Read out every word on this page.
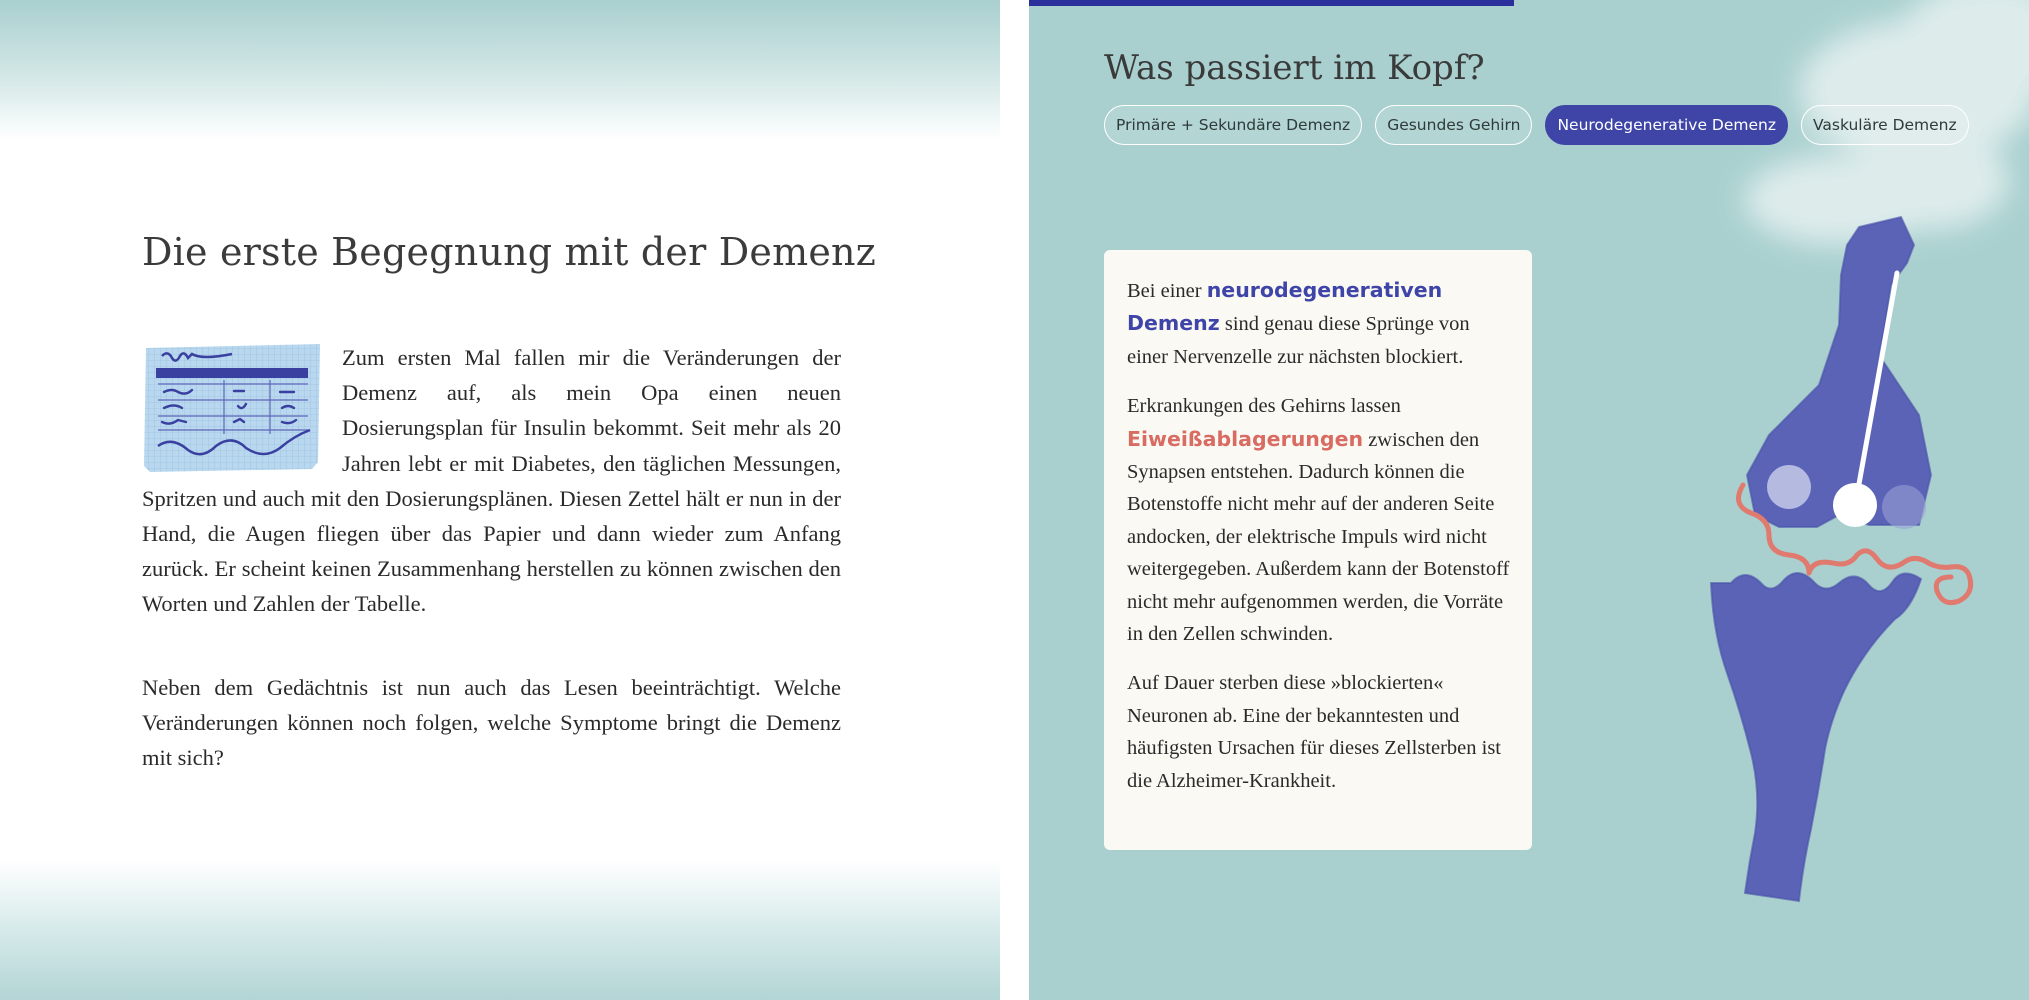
Die erste Begegnung mit der Demenz

Zum ersten Mal fallen mir die Veränderungen der Demenz auf, als mein Opa einen neuen Dosierungsplan für Insulin bekommt. Seit mehr als 20 Jahren lebt er mit Diabetes, den täglichen Messungen, Spritzen und auch mit den Dosierungsplänen. Diesen Zettel hält er nun in der Hand, die Augen fliegen über das Papier und dann wieder zum Anfang zurück. Er scheint keinen Zusammenhang herstellen zu können zwischen den Worten und Zahlen der Tabelle.

Neben dem Gedächtnis ist nun auch das Lesen beeinträchtigt. Welche Veränderungen können noch folgen, welche Symptome bringt die Demenz mit sich?

Was passiert im Kopf?
Primäre + Sekundäre Demenz	Gesundes Gehirn	Neurodegenerative Demenz	Vaskuläre Demenz

Bei einer neurodegenerativen Demenz sind genau diese Sprünge von einer Nervenzelle zur nächsten blockiert.

Erkrankungen des Gehirns lassen Eiweißablagerungen zwischen den Synapsen entstehen. Dadurch können die Botenstoffe nicht mehr auf der anderen Seite andocken, der elektrische Impuls wird nicht weitergegeben. Außerdem kann der Botenstoff nicht mehr aufgenommen werden, die Vorräte in den Zellen schwinden.

Auf Dauer sterben diese »blockierten« Neuronen ab. Eine der bekanntesten und häufigsten Ursachen für dieses Zellsterben ist die Alzheimer-Krankheit.
